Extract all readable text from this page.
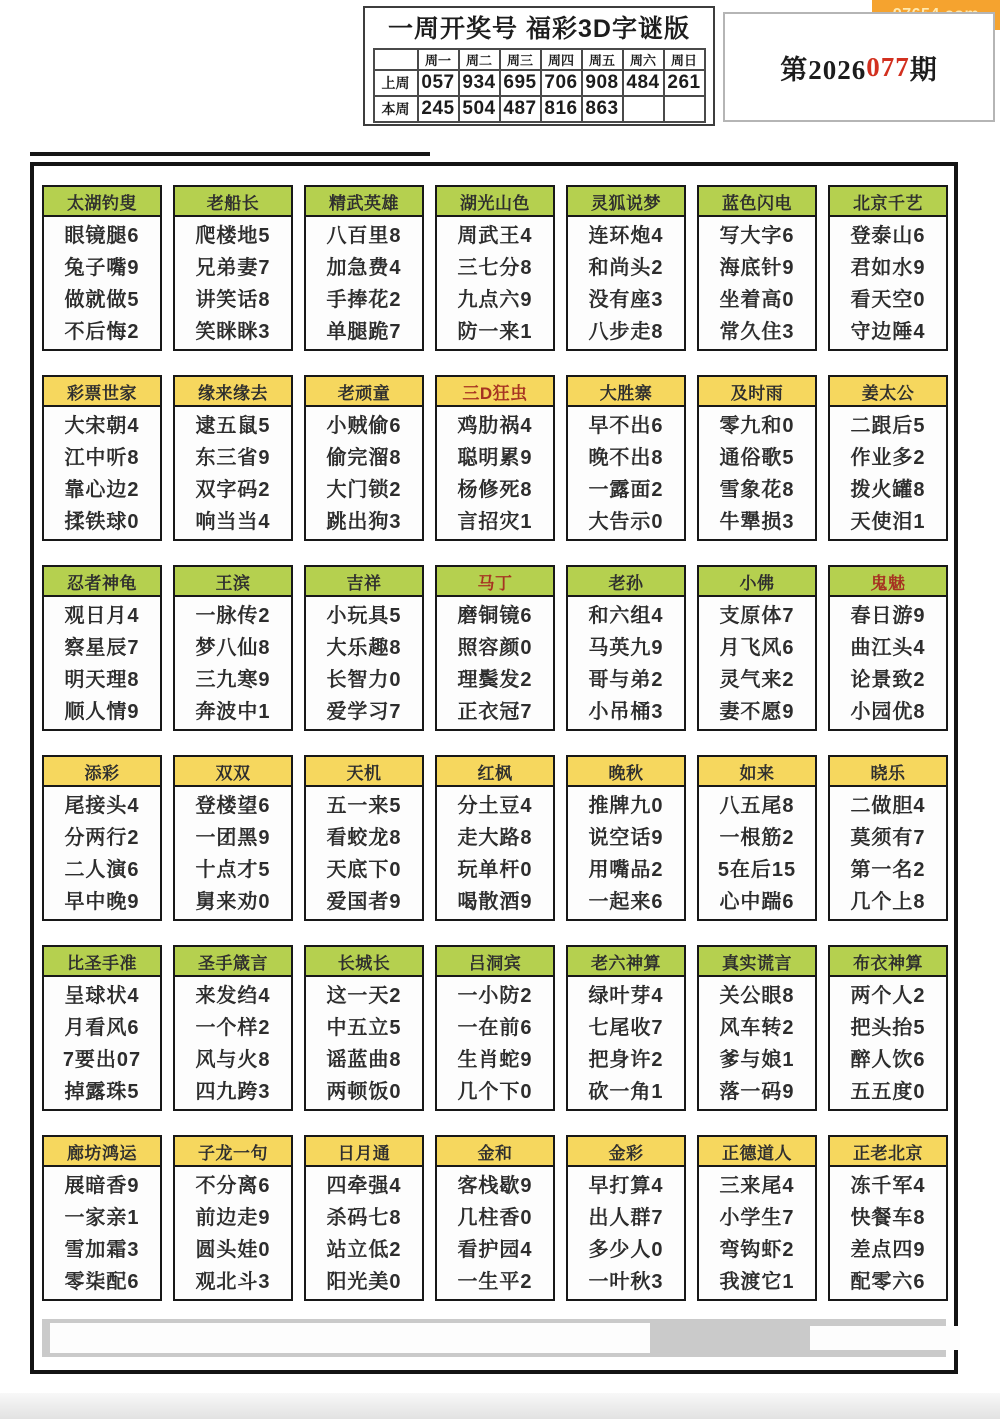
一周开奖号 福彩3D字谜版
	周一	周二	周三	周四	周五	周六	周日
上周	057	934	695	706	908	484	261
本周	245	504	487	816	863		
第2026 077 期
太湖钓叟
眼镜腿6
兔子嘴9
做就做5
不后悔2
老船长
爬楼地5
兄弟妻7
讲笑话8
笑眯眯3
精武英雄
八百里8
加急费4
手捧花2
单腿跪7
湖光山色
周武王4
三七分8
九点六9
防一来1
灵狐说梦
连环炮4
和尚头2
没有座3
八步走8
蓝色闪电
写大字6
海底针9
坐着高0
常久住3
北京千艺
登泰山6
君如水9
看天空0
守边陲4
彩票世家
大宋朝4
江中听8
靠心边2
揉铁球0
缘来缘去
逮五鼠5
东三省9
双字码2
响当当4
老顽童
小贼偷6
偷完溜8
大门锁2
跳出狗3
三D狂虫
鸡肋祸4
聪明累9
杨修死8
言招灾1
大胜寨
早不出6
晚不出8
一露面2
大告示0
及时雨
零九和0
通俗歌5
雪象花8
牛犟损3
姜太公
二跟后5
作业多2
拨火罐8
天使泪1
忍者神龟
观日月4
察星辰7
明天理8
顺人情9
王滨
一脉传2
梦八仙8
三九寒9
奔波中1
吉祥
小玩具5
大乐趣8
长智力0
爱学习7
马丁
磨铜镜6
照容颜0
理鬓发2
正衣冠7
老孙
和六组4
马英九9
哥与弟2
小吊桶3
小佛
支原体7
月飞风6
灵气来2
妻不愿9
鬼魅
春日游9
曲江头4
论景致2
小园优8
添彩
尾接头4
分两行2
二人演6
早中晚9
双双
登楼望6
一团黑9
十点才5
舅来劝0
天机
五一来5
看蛟龙8
天底下0
爱国者9
红枫
分土豆4
走大路8
玩单杆0
喝散酒9
晚秋
推牌九0
说空话9
用嘴品2
一起来6
如来
八五尾8
一根筋2
5在后15
心中踹6
晓乐
二做胆4
莫须有7
第一名2
几个上8
比圣手准
呈球状4
月看风6
7要出07
掉露珠5
圣手箴言
来发绉4
一个样2
风与火8
四九跨3
长城长
这一天2
中五立5
谣蓝曲8
两顿饭0
吕洞宾
一小防2
一在前6
生肖蛇9
几个下0
老六神算
绿叶芽4
七尾收7
把身许2
砍一角1
真实谎言
关公眼8
风车转2
爹与娘1
落一码9
布衣神算
两个人2
把头抬5
醉人饮6
五五度0
廊坊鸿运
展暗香9
一家亲1
雪加霜3
零柒配6
子龙一句
不分离6
前边走9
圆头娃0
观北斗3
日月通
四牵强4
杀码七8
站立低2
阳光美0
金和
客栈歇9
几柱香0
看护园4
一生平2
金彩
早打算4
出人群7
多少人0
一叶秋3
正德道人
三来尾4
小学生7
弯钩虾2
我渡它1
正老北京
冻千军4
快餐车8
差点四9
配零六6
